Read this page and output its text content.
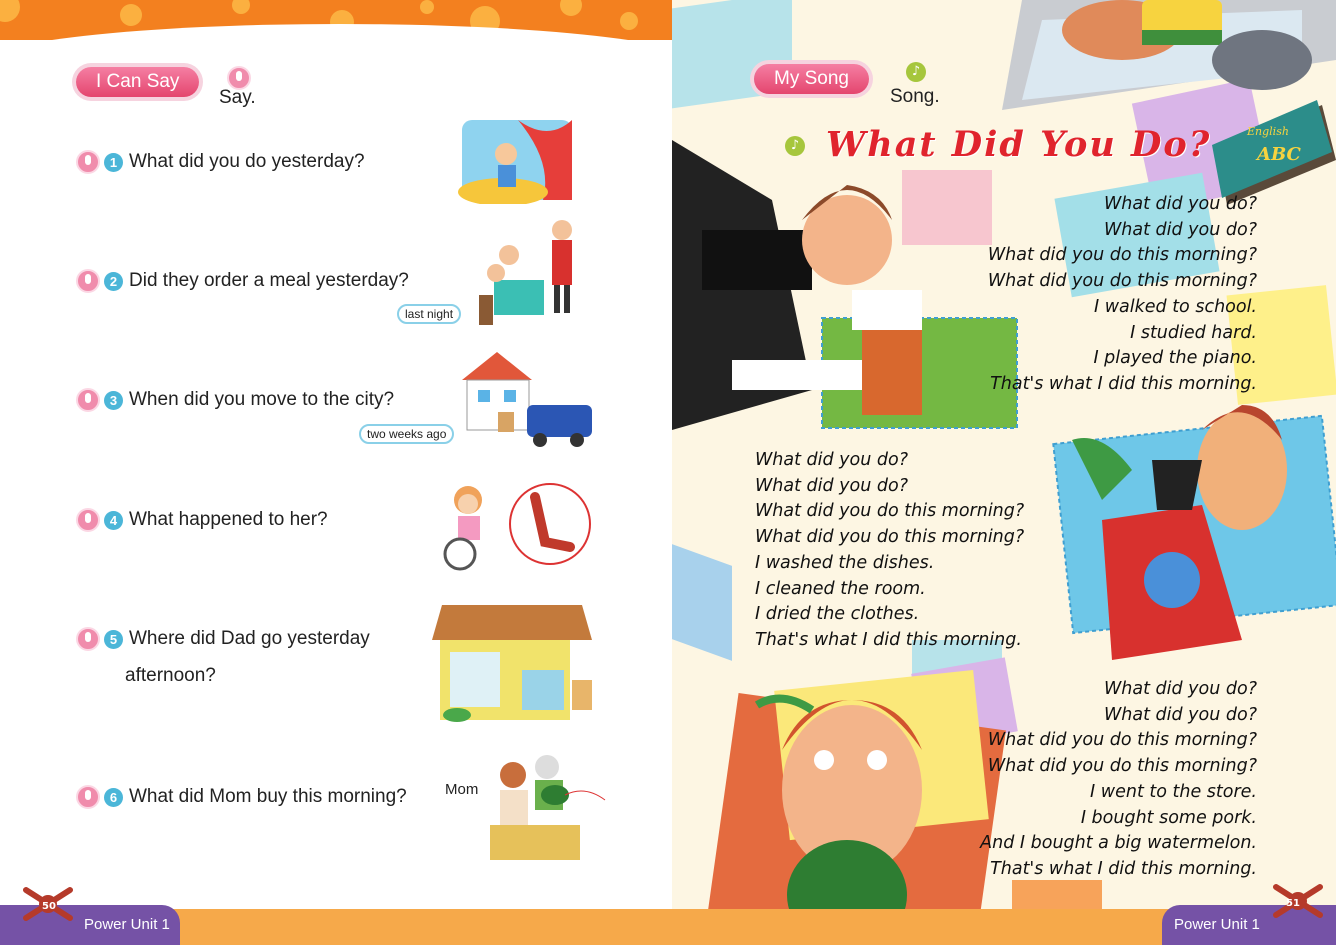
I Can Say
Say.
1 What did you do yesterday?
2 Did they order a meal yesterday?
last night
3 When did you move to the city?
two weeks ago
4 What happened to her?
5 Where did Dad go yesterday
afternoon?
6 What did Mom buy this morning?	Mom
Power Unit 1
50
English
ABC
My Song	♪
Song.
♪
Power Unit 1
51
What Did You Do?
What did you do?
What did you do?
What did you do this morning?
What did you do this morning?
I walked to school.
I studied hard.
I played the piano.
That's what I did this morning.
What did you do?
What did you do?
What did you do this morning?
What did you do this morning?
I washed the dishes.
I cleaned the room.
I dried the clothes.
That's what I did this morning.
What did you do?
What did you do?
What did you do this morning?
What did you do this morning?
I went to the store.
I bought some pork.
And I bought a big watermelon.
That's what I did this morning.
